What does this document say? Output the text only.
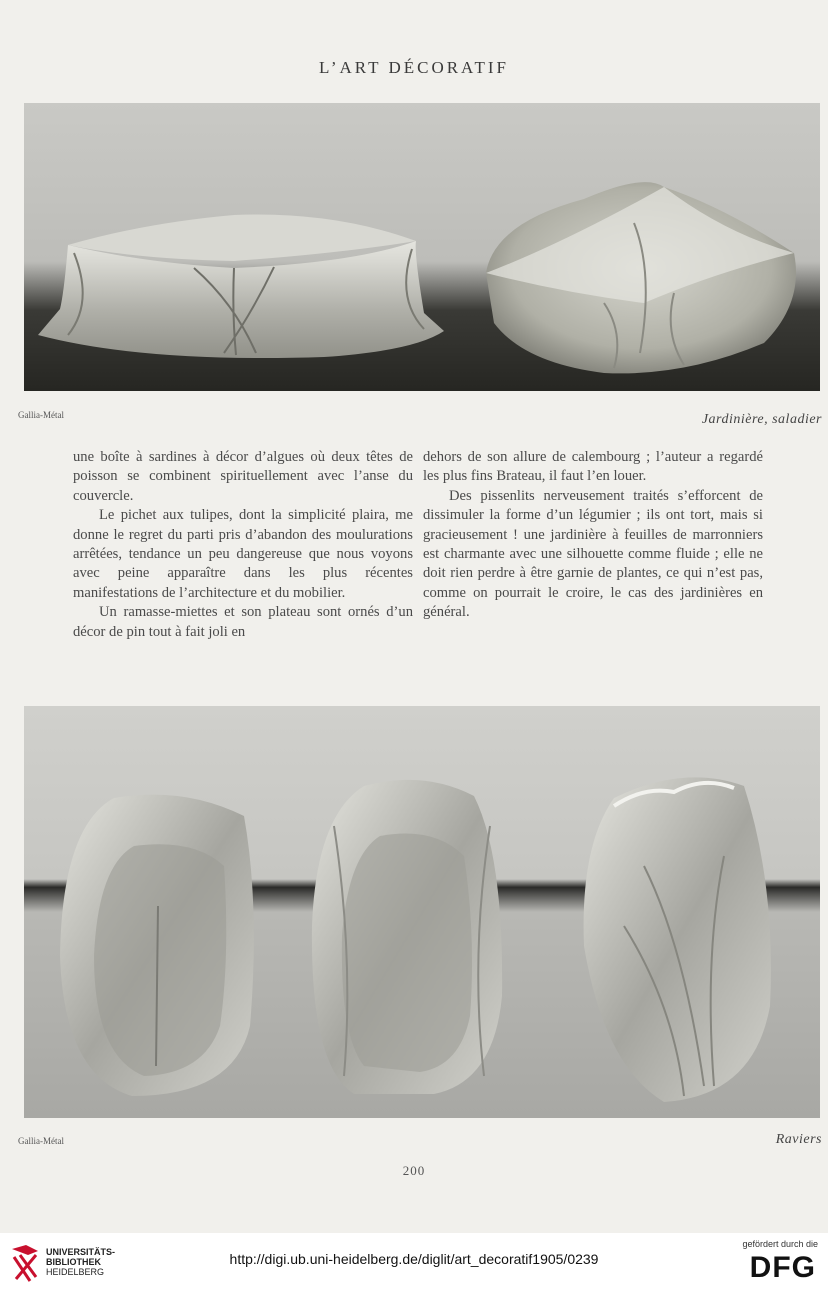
L’ART DÉCORATIF
Gallia-Métal	Jardinière, saladier

une boîte à sardines à décor d’algues où deux têtes de poisson se combinent spirituellement avec l’anse du couvercle.

Le pichet aux tulipes, dont la simplicité plaira, me donne le regret du parti pris d’abandon des moulurations arrêtées, tendance un peu dangereuse que nous voyons avec peine apparaître dans les plus récentes manifestations de l’architecture et du mobilier.

Un ramasse-miettes et son plateau sont ornés d’un décor de pin tout à fait joli en

dehors de son allure de calembourg ; l’auteur a regardé les plus fins Brateau, il faut l’en louer.

Des pissenlits nerveusement traités s’efforcent de dissimuler la forme d’un légumier ; ils ont tort, mais si gracieusement ! une jardinière à feuilles de marronniers est charmante avec une silhouette comme fluide ; elle ne doit rien perdre à être garnie de plantes, ce qui n’est pas, comme on pourrait le croire, le cas des jardinières en général.

Gallia-Métal	Raviers
200
UNIVERSITÄTS-
BIBLIOTHEK
HEIDELBERG
http://digi.ub.uni-heidelberg.de/diglit/art_decoratif1905/0239
gefördert durch die
DFG
